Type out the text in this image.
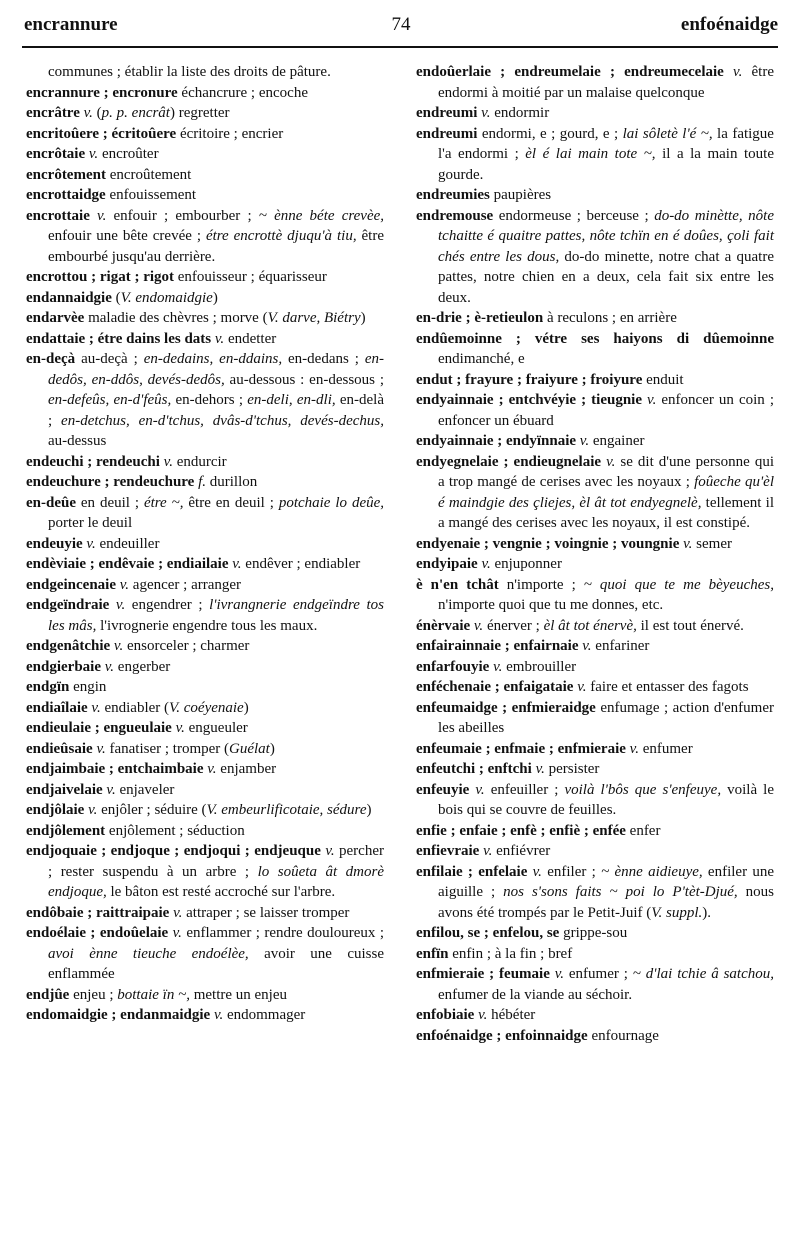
encrannure	74	enfoénaidge
communes ; établir la liste des droits de pâture.
encrannure ; encronure échancrure ; encoche
encrâtre v. (p. p. encrât) regretter
encritoûere ; écritoûere écritoire ; encrier
encrôtaie v. encroûter
encrôtement encroûtement
encrottaidge enfouissement
encrottaie v. enfouir ; embourber ; ~ ènne béte crevèe, enfouir une bête crevée ; étre encrottè djuqu'à tiu, être embourbé jusqu'au derrière.
encrottou ; rigat ; rigot enfouisseur ; équarisseur
endannaidgie (V. endomaidgie)
endarvèe maladie des chèvres ; morve (V. darve, Biétry)
endattaie ; étre dains les dats v. endetter
en-deçà au-deçà ; en-dedains, en-ddains, en-dedans ; en-dedôs, en-ddôs, devés-dedôs, au-dessous : en-dessous ; en-defeûs, en-d'feûs, en-dehors ; en-deli, en-dli, en-delà ; en-detchus, en-d'tchus, dvâs-d'tchus, devés-dechus, au-dessus
endeuchi ; rendeuchi v. endurcir
endeuchure ; rendeuchure f. durillon
en-deûe en deuil ; étre ~, être en deuil ; potchaie lo deûe, porter le deuil
endeuyie v. endeuiller
endèviaie ; endêvaie ; endiailaie v. endêver ; endiabler
endgeincenaie v. agencer ; arranger
endgeïndraie v. engendrer ; l'ivrangnerie endgeïndre tos les mâs, l'ivrognerie engendre tous les maux.
endgenâtchie v. ensorceler ; charmer
endgierbaie v. engerber
endgïn engin
endiaîlaie v. endiabler (V. coéyenaie)
endieulaie ; engueulaie v. engueuler
endieûsaie v. fanatiser ; tromper (Guélat)
endjaimbaie ; entchaimbaie v. enjamber
endjaivelaie v. enjaveler
endjôlaie v. enjôler ; séduire (V. embeurlificotaie, sédure)
endjôlement enjôlement ; séduction
endjoquaie ; endjoque ; endjoqui ; endjeuque v. percher ; rester suspendu à un arbre ; lo soûeta ât dmorè endjoque, le bâton est resté accroché sur l'arbre.
endôbaie ; raittraipaie v. attraper ; se laisser tromper
endoélaie ; endoûelaie v. enflammer ; rendre douloureux ; avoi ènne tieuche endoélèe, avoir une cuisse enflammée
endjûe enjeu ; bottaie ïn ~, mettre un enjeu
endomaidgie ; endanmaidgie v. endommager
endoûerlaie ; endreumelaie ; endreumecelaie v. être endormi à moitié par un malaise quelconque
endreumi v. endormir
endreumi endormi, e ; gourd, e ; lai sôletè l'é ~, la fatigue l'a endormi ; èl é lai main tote ~, il a la main toute gourde.
endreumies paupières
endremouse endormeuse ; berceuse ; do-do minètte, nôte tchaitte é quaitre pattes, nôte tchïn en é doûes, çoli fait chés entre les dous, do-do minette, notre chat a quatre pattes, notre chien en a deux, cela fait six entre les deux.
en-drie ; è-retieulon à reculons ; en arrière
endûemoinne ; vétre ses haiyons di dûemoinne endimanché, e
endut ; frayure ; fraiyure ; froiyure enduit
endyainnaie ; entchvéyie ; tieugnie v. enfoncer un coin ; enfoncer un ébuard
endyainnaie ; endyïnnaie v. engainer
endyegnelaie ; endieugnelaie v. se dit d'une personne qui a trop mangé de cerises avec les noyaux ; foûeche qu'èl é maindgie des çliejes, èl ât tot endyegnelè, tellement il a mangé des cerises avec les noyaux, il est constipé.
endyenaie ; vengnie ; voingnie ; voungnie v. semer
endyipaie v. enjuponner
è n'en tchât n'importe ; ~ quoi que te me bèyeuches, n'importe quoi que tu me donnes, etc.
énèrvaie v. énerver ; èl ât tot énervè, il est tout énervé.
enfairainnaie ; enfairnaie v. enfariner
enfarfouyie v. embrouiller
enféchenaie ; enfaigataie v. faire et entasser des fagots
enfeumaidge ; enfmieraidge enfumage ; action d'enfumer les abeilles
enfeumaie ; enfmaie ; enfmieraie v. enfumer
enfeutchi ; enftchi v. persister
enfeuyie v. enfeuiller ; voilà l'bôs que s'enfeuye, voilà le bois qui se couvre de feuilles.
enfie ; enfaie ; enfè ; enfiè ; enfée enfer
enfievraie v. enfiévrer
enfilaie ; enfelaie v. enfiler ; ~ ènne aidieuye, enfiler une aiguille ; nos s'sons faits ~ poi lo P'tèt-Djué, nous avons été trompés par le Petit-Juif (V. suppl.).
enfilou, se ; enfelou, se grippe-sou
enfïn enfin ; à la fin ; bref
enfmieraie ; feumaie v. enfumer ; ~ d'lai tchie â satchou, enfumer de la viande au séchoir.
enfobiaie v. hébéter
enfoénaidge ; enfoinnaidge enfournage
